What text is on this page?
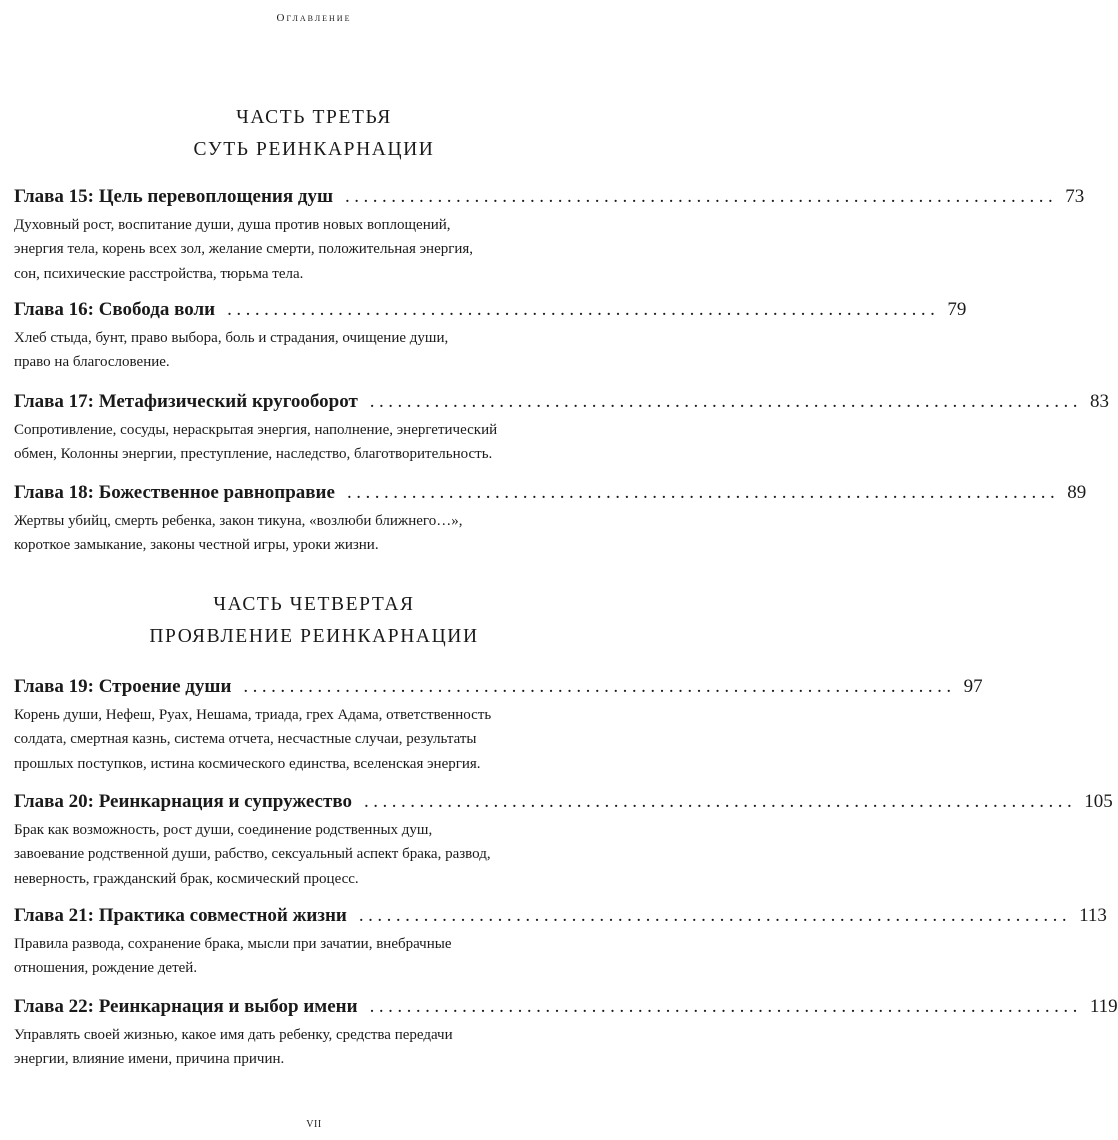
Оглавление
ЧАСТЬ ТРЕТЬЯ
СУТЬ РЕИНКАРНАЦИИ
Глава 15: Цель перевоплощения душ ............................................................................. 73
Духовный рост, воспитание души, душа против новых воплощений,
энергия тела, корень всех зол, желание смерти, положительная энергия,
сон, психические расстройства, тюрьма тела.
Глава 16: Свобода воли ............................................................................. 79
Хлеб стыда, бунт, право выбора, боль и страдания, очищение души,
право на благословение.
Глава 17: Метафизический кругооборот ............................................................................. 83
Сопротивление, сосуды, нераскрытая энергия, наполнение, энергетический
обмен, Колонны энергии, преступление, наследство, благотворительность.
Глава 18: Божественное равноправие ............................................................................. 89
Жертвы убийц, смерть ребенка, закон тикуна, «возлюби ближнего…»,
короткое замыкание, законы честной игры, уроки жизни.
ЧАСТЬ ЧЕТВЕРТАЯ
ПРОЯВЛЕНИЕ РЕИНКАРНАЦИИ
Глава 19: Строение души ............................................................................. 97
Корень души, Нефеш, Руах, Нешама, триада, грех Адама, ответственность
солдата, смертная казнь, система отчета, несчастные случаи, результаты
прошлых поступков, истина космического единства, вселенская энергия.
Глава 20: Реинкарнация и супружество ............................................................................. 105
Брак как возможность, рост души, соединение родственных душ,
завоевание родственной души, рабство, сексуальный аспект брака, развод,
неверность, гражданский брак, космический процесс.
Глава 21: Практика совместной жизни ............................................................................. 113
Правила развода, сохранение брака, мысли при зачатии, внебрачные
отношения, рождение детей.
Глава 22: Реинкарнация и выбор имени ............................................................................. 119
Управлять своей жизнью, какое имя дать ребенку, средства передачи
энергии, влияние имени, причина причин.
VII
